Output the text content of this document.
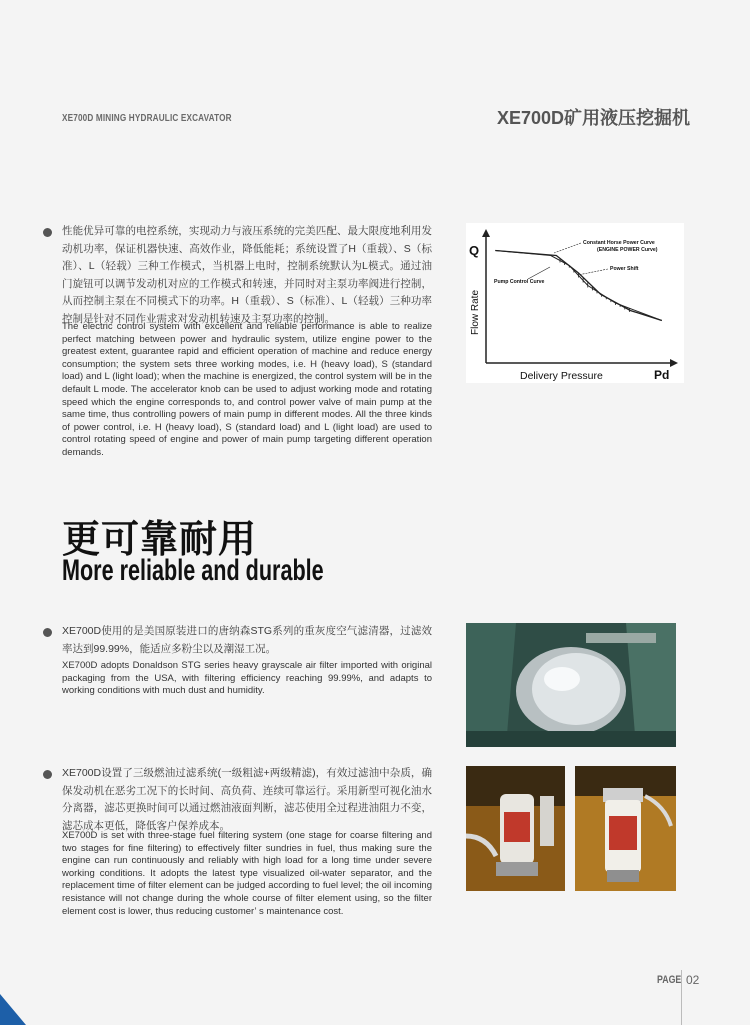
XE700D MINING HYDRAULIC EXCAVATOR	XE700D矿用液压挖掘机
性能优异可靠的电控系统，实现动力与液压系统的完美匹配、最大限度地利用发动机功率，保证机器快速、高效作业，降低能耗；系统设置了H（重载）、S（标准）、L（轻载）三种工作模式，当机器上电时，控制系统默认为L模式。通过油门旋钮可以调节发动机对应的工作模式和转速，并同时对主泵功率阀进行控制，从而控制主泵在不同模式下的功率。H（重载）、S（标准）、L（轻载）三种功率控制是针对不同作业需求对发动机转速及主泵功率的控制。
The electric control system with excellent and reliable performance is able to realize perfect matching between power and hydraulic system, utilize engine power to the greatest extent, guarantee rapid and efficient operation of machine and reduce energy consumption; the system sets three working modes, i.e. H (heavy load), S (standard load) and L (light load); when the machine is energized, the control system will be in the default L mode. The accelerator knob can be used to adjust working mode and rotating speed which the engine corresponds to, and control power valve of main pump at the same time, thus controlling powers of main pump in different modes. All the three kinds of power control, i.e. H (heavy load), S (standard load) and L (light load) are used to control rotating speed of engine and power of main pump targeting different operation demands.
Q
Pd
Flow Rate
Delivery Pressure
Constant Horse Power Curve
(ENGINE POWER Curve)
Power Shift
Pump Control Curve
更可靠耐用
More reliable and durable
XE700D使用的是美国原装进口的唐纳森STG系列的重灰度空气滤清器，过滤效率达到99.99%，能适应多粉尘以及潮湿工况。
XE700D adopts Donaldson STG series heavy grayscale air filter imported with original packaging from the USA, with filtering efficiency reaching 99.99%, and adapts to working conditions with much dust and humidity.
XE700D设置了三级燃油过滤系统(一级粗滤+两级精滤)，有效过滤油中杂质，确保发动机在恶劣工况下的长时间、高负荷、连续可靠运行。采用新型可视化油水分离器，滤芯更换时间可以通过燃油液面判断，滤芯使用全过程进油阻力不变，滤芯成本更低，降低客户保养成本。
XE700D is set with three-stage fuel filtering system (one stage for coarse filtering and two stages for fine filtering) to effectively filter sundries in fuel, thus making sure the engine can run continuously and reliably with high load for a long time under severe working conditions. It adopts the latest type visualized oil-water separator, and the replacement time of filter element can be judged according to fuel level; the oil incoming resistance will not change during the whole course of filter element using, so the filter element cost is lower, thus reducing customer’ s maintenance cost.
PAGE 02
